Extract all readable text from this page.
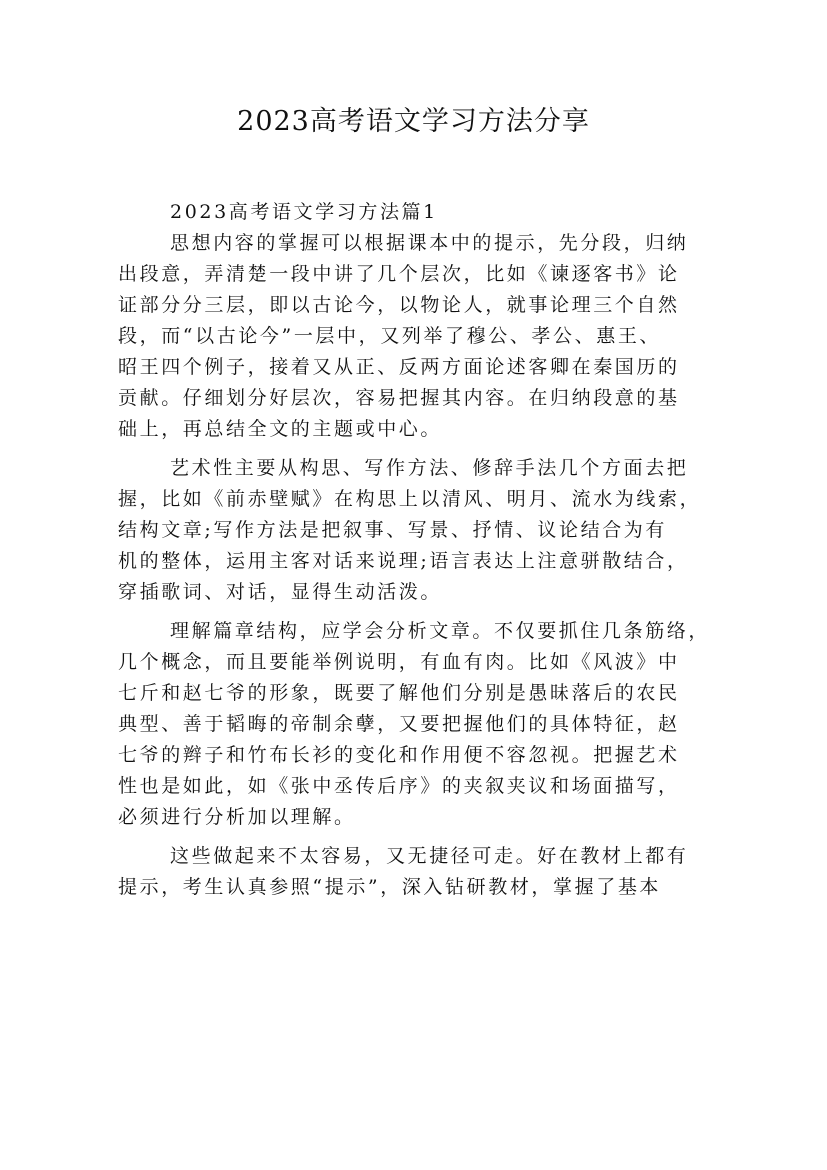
2023高考语文学习方法分享

2023高考语文学习方法篇1

思想内容的掌握可以根据课本中的提示，先分段，归纳

出段意，弄清楚一段中讲了几个层次，比如《谏逐客书》论

证部分分三层，即以古论今，以物论人，就事论理三个自然

段，而“以古论今”一层中，又列举了穆公、孝公、惠王、

昭王四个例子，接着又从正、反两方面论述客卿在秦国历的

贡献。仔细划分好层次，容易把握其内容。在归纳段意的基

础上，再总结全文的主题或中心。

艺术性主要从构思、写作方法、修辞手法几个方面去把

握，比如《前赤壁赋》在构思上以清风、明月、流水为线索，

结构文章;写作方法是把叙事、写景、抒情、议论结合为有

机的整体，运用主客对话来说理;语言表达上注意骈散结合，

穿插歌词、对话，显得生动活泼。

理解篇章结构，应学会分析文章。不仅要抓住几条筋络，

几个概念，而且要能举例说明，有血有肉。比如《风波》中

七斤和赵七爷的形象，既要了解他们分别是愚昧落后的农民

典型、善于韬晦的帝制余孽，又要把握他们的具体特征，赵

七爷的辫子和竹布长衫的变化和作用便不容忽视。把握艺术

性也是如此，如《张中丞传后序》的夹叙夹议和场面描写，

必须进行分析加以理解。

这些做起来不太容易，又无捷径可走。好在教材上都有

提示，考生认真参照“提示”，深入钻研教材，掌握了基本
